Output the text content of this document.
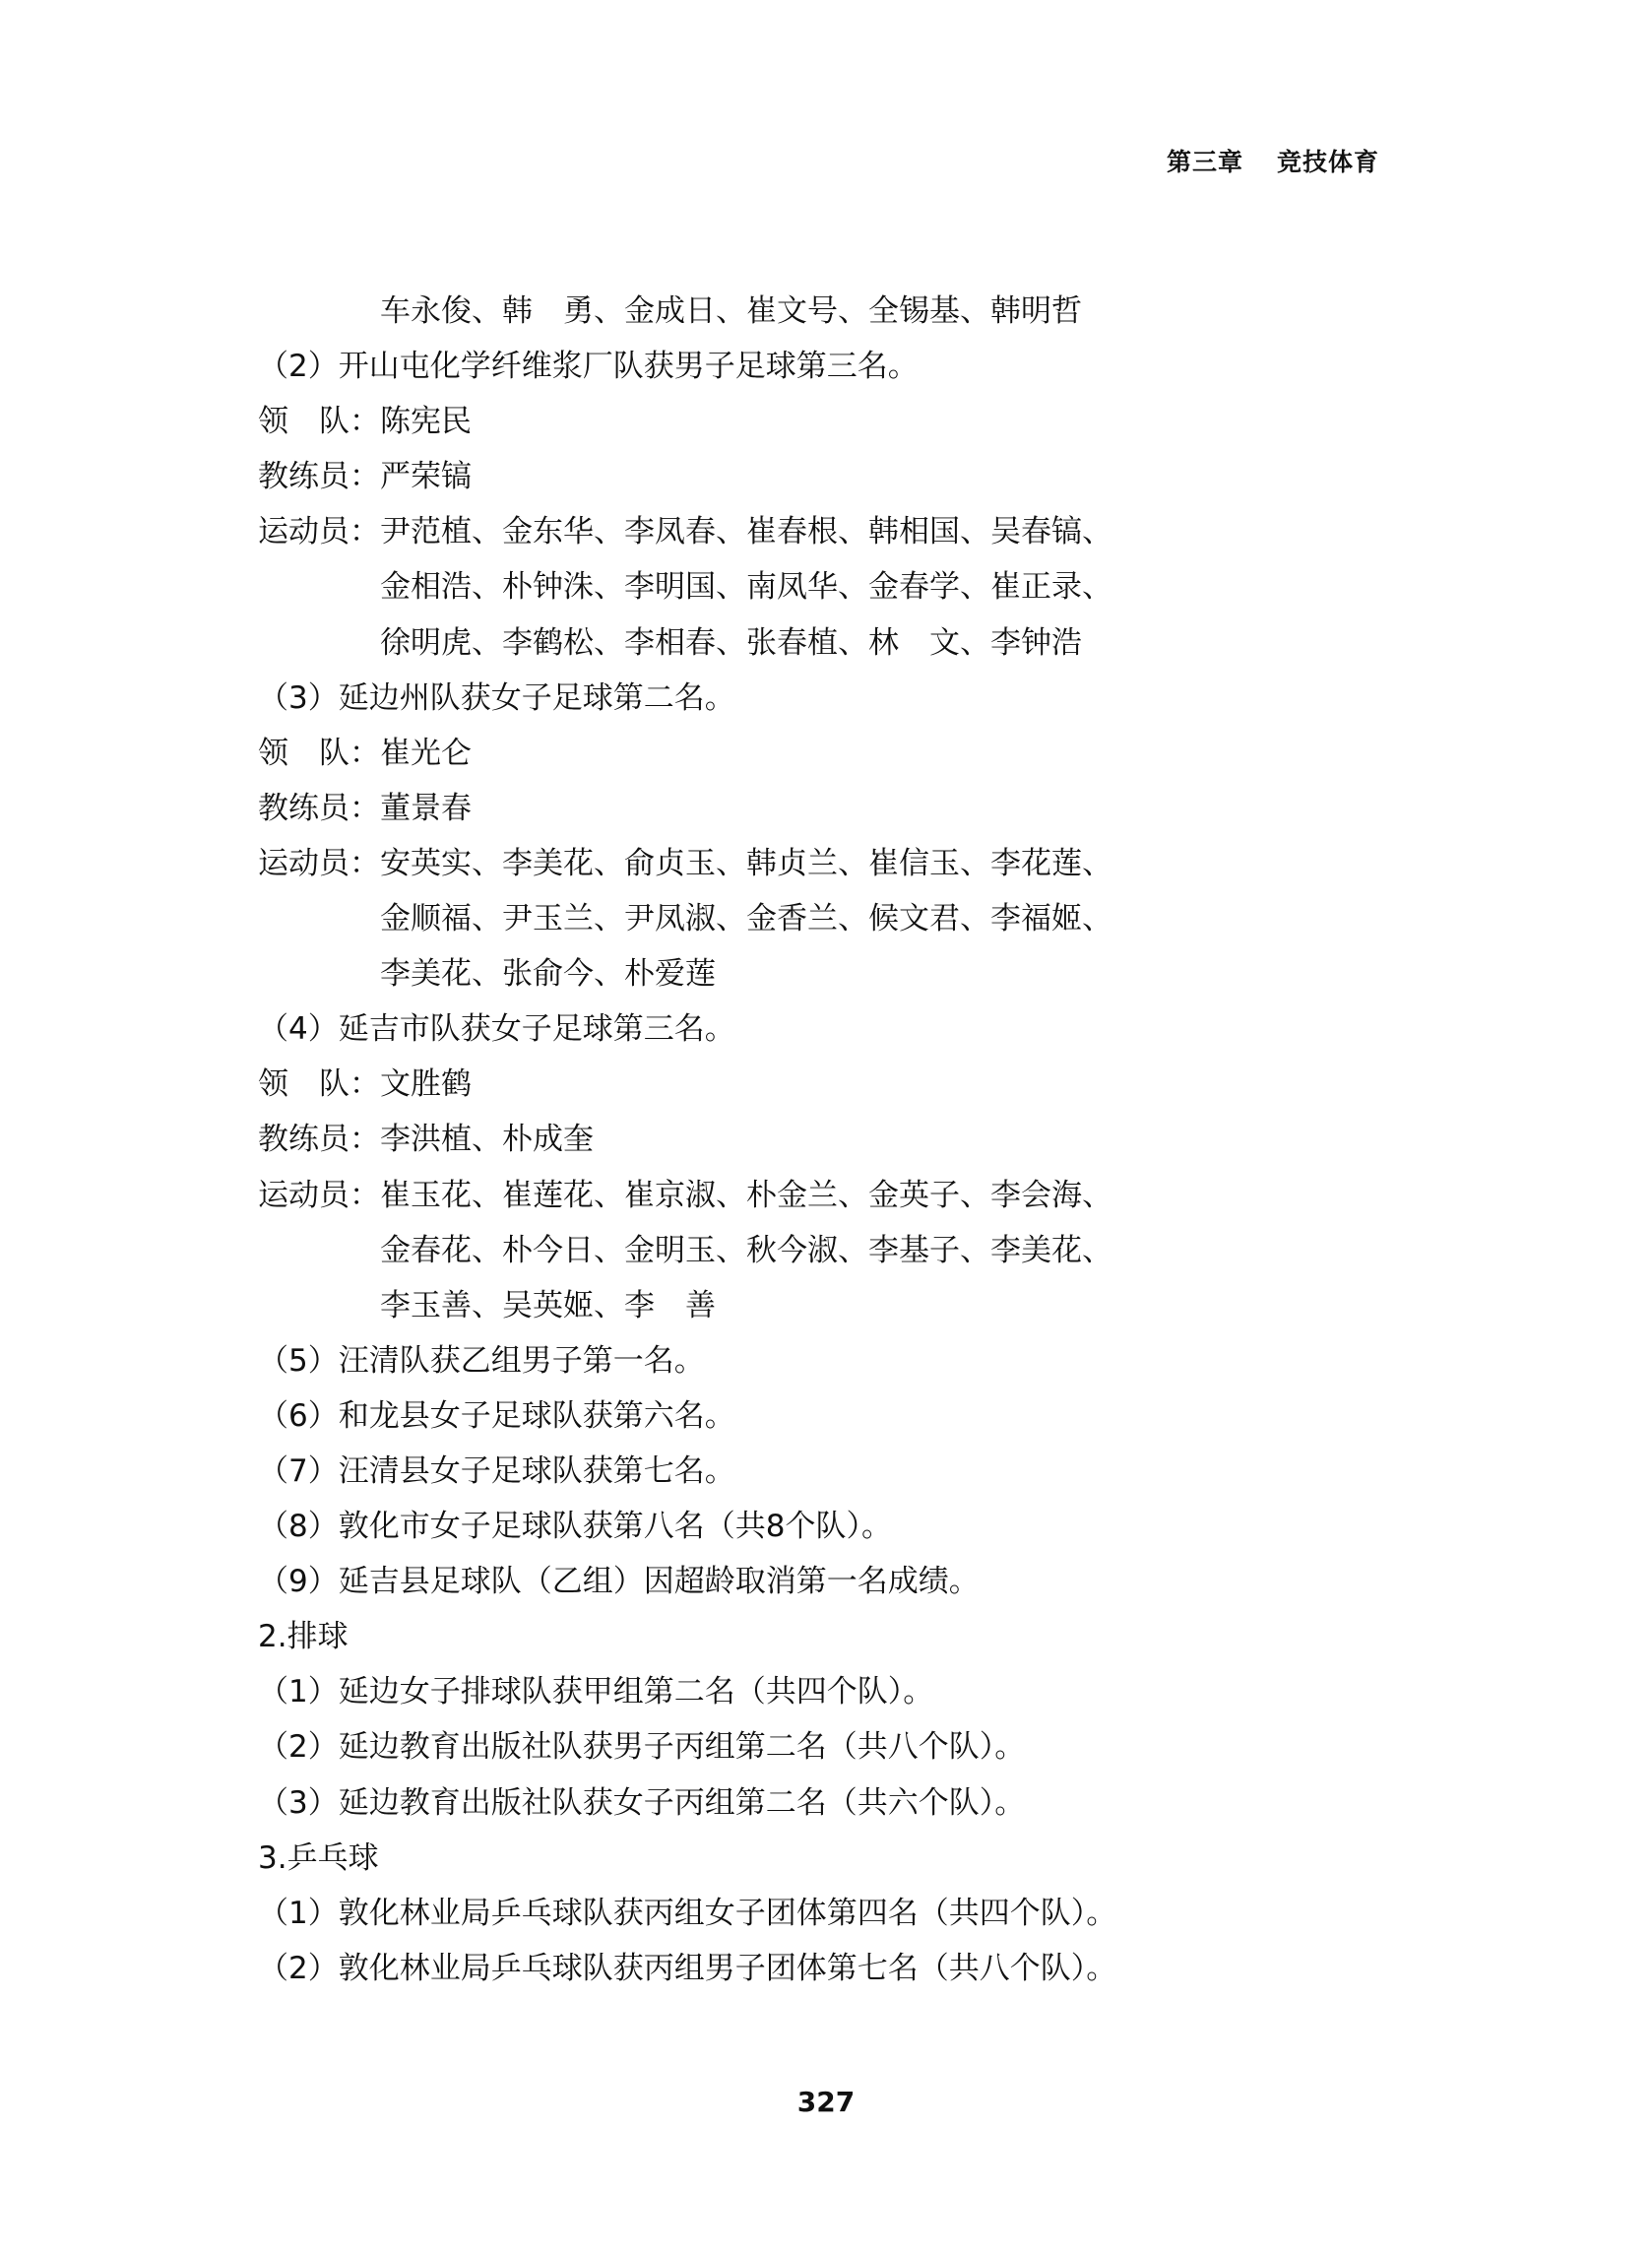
第三章 竞技体育
车永俊、韩　勇、金成日、崔文号、全锡基、韩明哲
（2）开山屯化学纤维浆厂队获男子足球第三名。
领　队： 陈宪民
教练员： 严荣镐
运动员： 尹范植、金东华、李凤春、崔春根、韩相国、吴春镐、
金相浩、朴钟洙、李明国、南凤华、金春学、崔正录、
徐明虎、李鹤松、李相春、张春植、林　文、李钟浩
（3）延边州队获女子足球第二名。
领　队： 崔光仑
教练员： 董景春
运动员： 安英实、李美花、俞贞玉、韩贞兰、崔信玉、李花莲、
金顺福、尹玉兰、尹凤淑、金香兰、候文君、李福姬、
李美花、张俞今、朴爱莲
（4）延吉市队获女子足球第三名。
领　队： 文胜鹤
教练员： 李洪植、朴成奎
运动员： 崔玉花、崔莲花、崔京淑、朴金兰、金英子、李会海、
金春花、朴今日、金明玉、秋今淑、李基子、李美花、
李玉善、吴英姬、李　善
（5）汪清队获乙组男子第一名。
（6）和龙县女子足球队获第六名。
（7）汪清县女子足球队获第七名。
（8）敦化市女子足球队获第八名（共8个队）。
（9）延吉县足球队（乙组）因超龄取消第一名成绩。
2.排球
（1）延边女子排球队获甲组第二名（共四个队）。
（2）延边教育出版社队获男子丙组第二名（共八个队）。
（3）延边教育出版社队获女子丙组第二名（共六个队）。
3.乒乓球
（1）敦化林业局乒乓球队获丙组女子团体第四名（共四个队）。
（2）敦化林业局乒乓球队获丙组男子团体第七名（共八个队）。
327
